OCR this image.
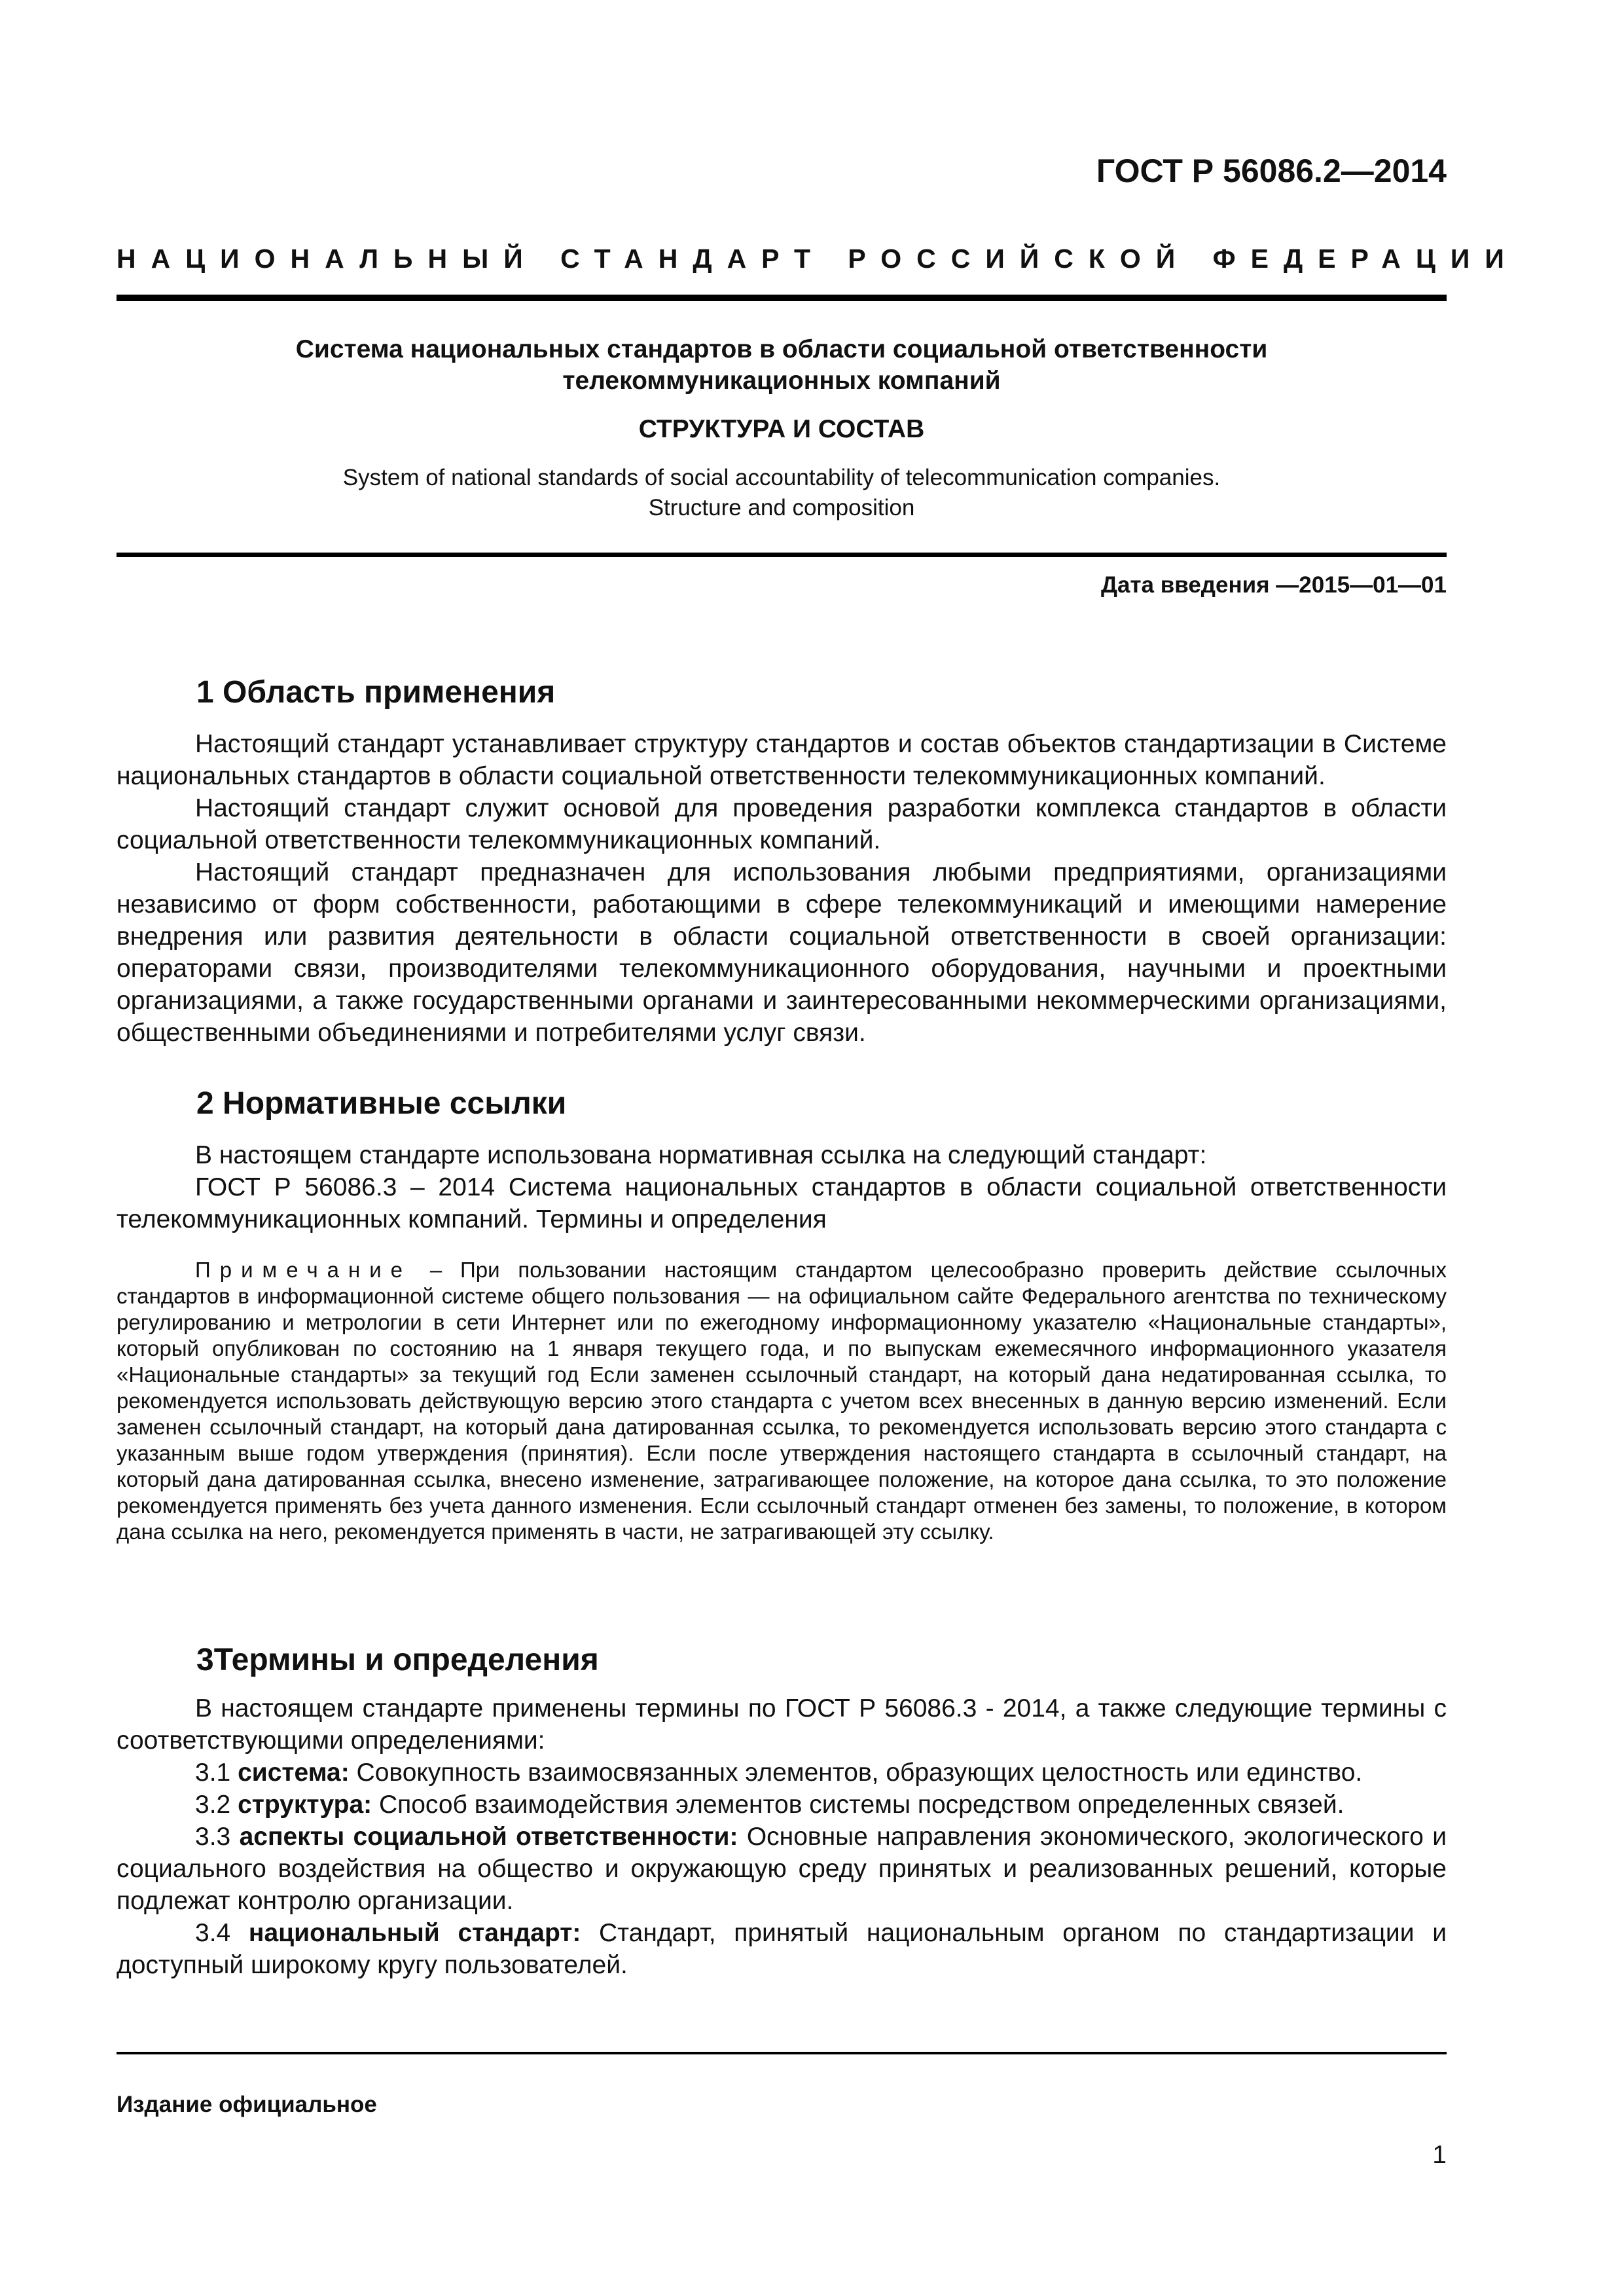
ГОСТ Р 56086.2—2014
НАЦИОНАЛЬНЫЙ СТАНДАРТ РОССИЙСКОЙ ФЕДЕРАЦИИ
Система национальных стандартов в области социальной ответственности
телекоммуникационных компаний
СТРУКТУРА И СОСТАВ
System of national standards of social accountability of telecommunication companies.
Structure and composition
Дата введения —2015—01—01
1 Область применения

Настоящий стандарт устанавливает структуру стандартов и состав объектов стандартизации в Системе национальных стандартов в области социальной ответственности телекоммуникационных компаний.

Настоящий стандарт служит основой для проведения разработки комплекса стандартов в области социальной ответственности телекоммуникационных компаний.

Настоящий стандарт предназначен для использования любыми предприятиями, организациями независимо от форм собственности, работающими в сфере телекоммуникаций и имеющими намерение внедрения или развития деятельности в области социальной ответственности в своей организации: операторами связи, производителями телекоммуникационного оборудования, научными и проектными организациями, а также государственными органами и заинтересованными некоммерческими организациями, общественными объединениями и потребителями услуг связи.

2 Нормативные ссылки

В настоящем стандарте использована нормативная ссылка на следующий стандарт:

ГОСТ Р 56086.3 – 2014 Система национальных стандартов в области социальной ответственности телекоммуникационных компаний. Термины и определения

Примечание – При пользовании настоящим стандартом целесообразно проверить действие ссылочных стандартов в информационной системе общего пользования — на официальном сайте Федерального агентства по техническому регулированию и метрологии в сети Интернет или по ежегодному информационному указателю «Национальные стандарты», который опубликован по состоянию на 1 января текущего года, и по выпускам ежемесячного информационного указателя «Национальные стандарты» за текущий год Если заменен ссылочный стандарт, на который дана недатированная ссылка, то рекомендуется использовать действующую версию этого стандарта с учетом всех внесенных в данную версию изменений. Если заменен ссылочный стандарт, на который дана датированная ссылка, то рекомендуется использовать версию этого стандарта с указанным выше годом утверждения (принятия). Если после утверждения настоящего стандарта в ссылочный стандарт, на который дана датированная ссылка, внесено изменение, затрагивающее положение, на которое дана ссылка, то это положение рекомендуется применять без учета данного изменения. Если ссылочный стандарт отменен без замены, то положение, в котором дана ссылка на него, рекомендуется применять в части, не затрагивающей эту ссылку.

3Термины и определения

В настоящем стандарте применены термины по ГОСТ Р 56086.3 - 2014, а также следующие термины с соответствующими определениями:

3.1 система: Совокупность взаимосвязанных элементов, образующих целостность или единство.

3.2 структура: Способ взаимодействия элементов системы посредством определенных связей.

3.3 аспекты социальной ответственности: Основные направления экономического, экологического и социального воздействия на общество и окружающую среду принятых и реализованных решений, которые подлежат контролю организации.

3.4 национальный стандарт: Стандарт, принятый национальным органом по стандартизации и доступный широкому кругу пользователей.

Издание официальное
1
